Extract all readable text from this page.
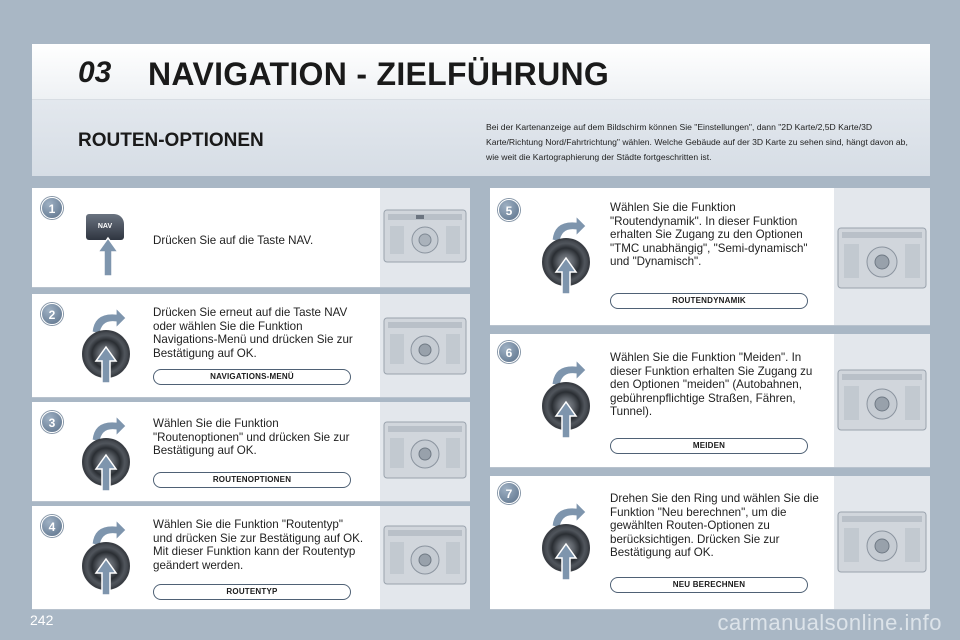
03 NAVIGATION - ZIELFÜHRUNG
ROUTEN-OPTIONEN
Bei der Kartenanzeige auf dem Bildschirm können Sie "Einstellungen", dann "2D Karte/2,5D Karte/3D Karte/Richtung Nord/Fahrtrichtung" wählen. Welche Gebäude auf der 3D Karte zu sehen sind, hängt davon ab, wie weit die Kartographierung der Städte fortgeschritten ist.
1
NAV
Drücken Sie auf die Taste NAV.
2	Drücken Sie erneut auf die Taste NAV oder wählen Sie die Funktion Navigations-Menü und drücken Sie zur Bestätigung auf OK.
NAVIGATIONS-MENÜ
3	Wählen Sie die Funktion "Routenoptionen" und drücken Sie zur Bestätigung auf OK.
ROUTENOPTIONEN
4	Wählen Sie die Funktion "Routentyp" und drücken Sie zur Bestätigung auf OK. Mit dieser Funktion kann der Routentyp geändert werden.
ROUTENTYP
5	Wählen Sie die Funktion "Routendynamik". In dieser Funktion erhalten Sie Zugang zu den Optionen "TMC unabhängig", "Semi-dynamisch" und "Dynamisch".
ROUTENDYNAMIK
6	Wählen Sie die Funktion "Meiden". In dieser Funktion erhalten Sie Zugang zu den Optionen "meiden" (Autobahnen, gebührenpflichtige Straßen, Fähren, Tunnel).
MEIDEN
7	Drehen Sie den Ring und wählen Sie die Funktion "Neu berechnen", um die gewählten Routen-Optionen zu berücksichtigen. Drücken Sie zur Bestätigung auf OK.
NEU BERECHNEN
242	carmanualsonline.info
